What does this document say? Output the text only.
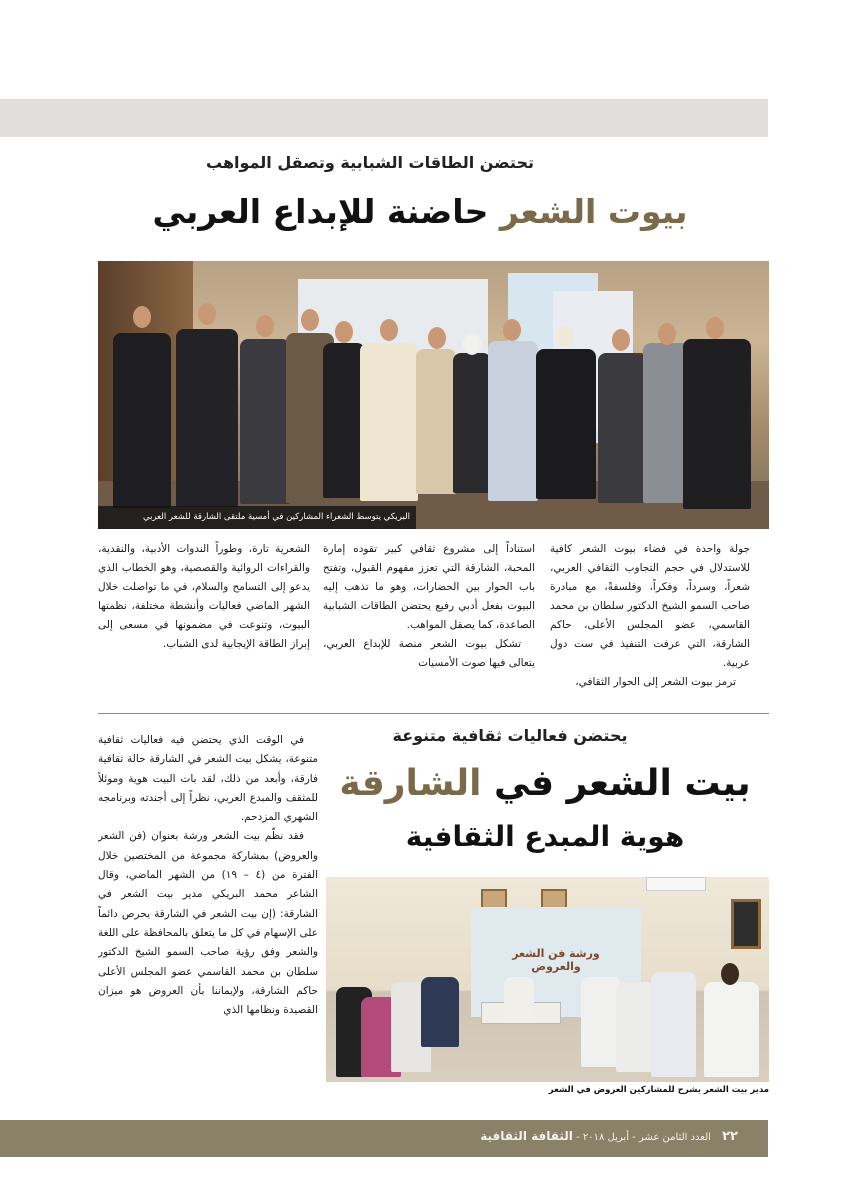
تحتضن الطاقات الشبابية وتصقل المواهب
بيوت الشعر حاضنة للإبداع العربي
البريكي يتوسط الشعراء المشاركين في أمسية ملتقى الشارقة للشعر العربي

جولة واحدة في فضاء بيوت الشعر كافية للاستدلال في حجم التجاوب الثقافي العربي، شعراً، وسرداً، وفكراً، وفلسفةً، مع مبادرة صاحب السمو الشيخ الدكتور سلطان بن محمد القاسمي، عضو المجلس الأعلى، حاكم الشارقة، التي عرفت التنفيذ في ست دول عربية.

ترمز بيوت الشعر إلى الحوار الثقافي،

استناداً إلى مشروع ثقافي كبير تقوده إمارة المحبة، الشارقة التي تعزز مفهوم القبول، وتفتح باب الحوار بين الحضارات، وهو ما تذهب إليه البيوت بفعل أدبي رفيع يحتضن الطاقات الشبابية الصاعدة، كما يصقل المواهب.

تشكل بيوت الشعر منصة للإبداع العربي، يتعالى فيها صوت الأمسيات

الشعرية تارة، وطوراً الندوات الأدبية، والنقدية، والقراءات الروائية والقصصية، وهو الخطاب الذي يدعو إلى التسامح والسلام، في ما تواصلت خلال الشهر الماضي فعاليات وأنشطة مختلفة، نظمتها البيوت، وتنوعت في مضمونها في مسعى إلى إبراز الطاقة الإيجابية لدى الشباب.

يحتضن فعاليات ثقافية متنوعة
بيت الشعر في الشارقة
هوية المبدع الثقافية

في الوقت الذي يحتضن فيه فعاليات ثقافية متنوعة، يشكل بيت الشعر في الشارقة حالة ثقافية فارقة، وأبعد من ذلك، لقد بات البيت هوية وموئلاً للمثقف والمبدع العربي، نظراً إلى أجندته وبرنامجه الشهري المزدحم.

فقد نظّم بيت الشعر ورشة بعنوان (فن الشعر والعروض) بمشاركة مجموعة من المختصين خلال الفترة من (٤ – ١٩) من الشهر الماضي، وقال الشاعر محمد البريكي مدير بيت الشعر في الشارقة: (إن بيت الشعر في الشارقة يحرص دائماً على الإسهام في كل ما يتعلق بالمحافظة على اللغة والشعر وفق رؤية صاحب السمو الشيخ الدكتور سلطان بن محمد القاسمي عضو المجلس الأعلى حاكم الشارقة، ولإيماننا بأن العروض هو ميزان القصيدة ونظامها الذي

ورشة فن الشعر والعروض
مدير بيت الشعر يشرح للمشاركين العروض في الشعر
٢٢ العدد الثامن عشر - أبريل ٢٠١٨ - الثقافة الثقافية
